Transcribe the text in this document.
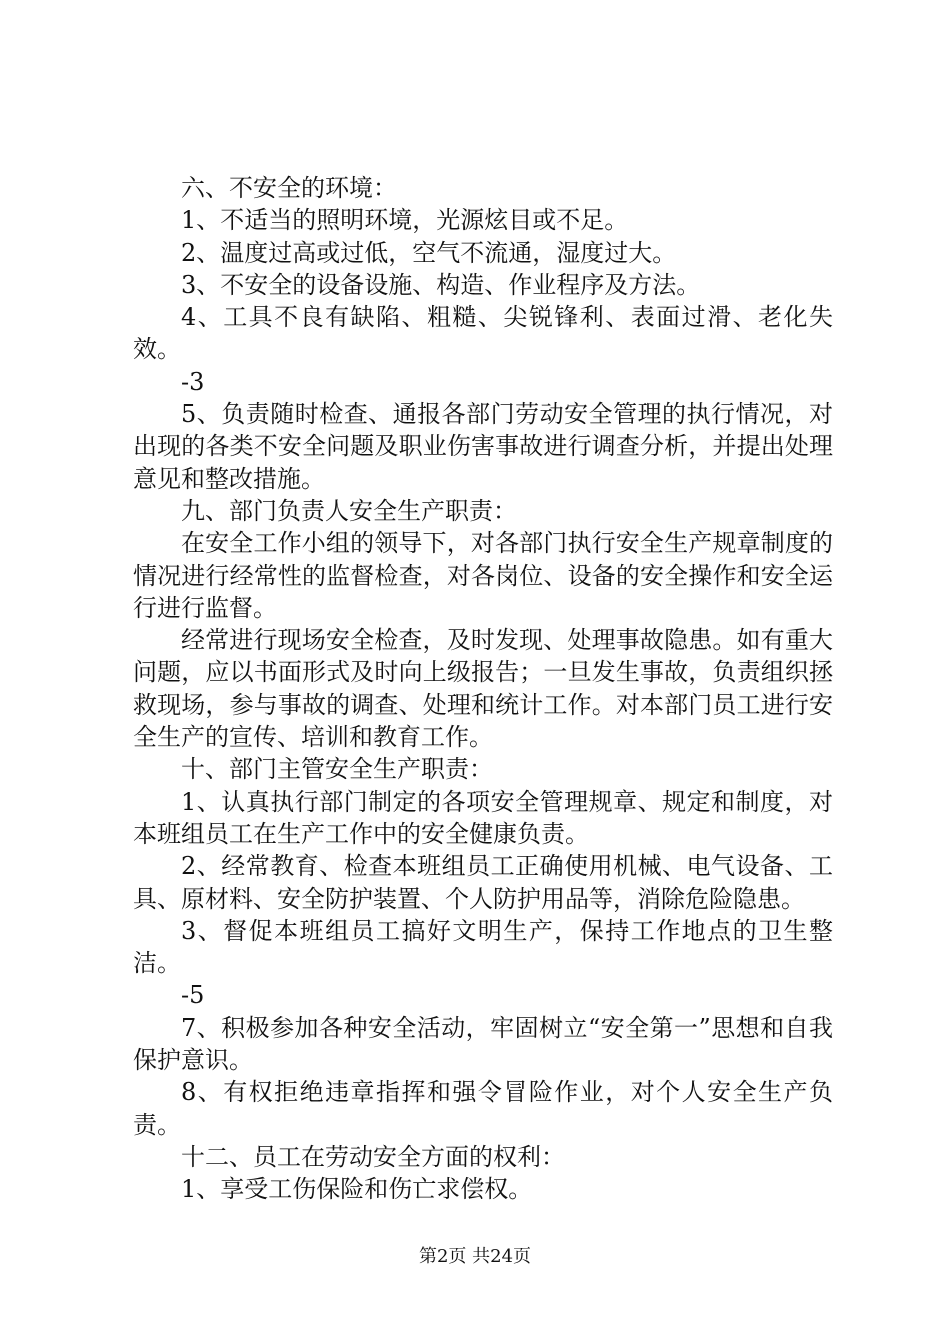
六、不安全的环境：

1、不适当的照明环境，光源炫目或不足。

2、温度过高或过低，空气不流通，湿度过大。

3、不安全的设备设施、构造、作业程序及方法。

4、工具不良有缺陷、粗糙、尖锐锋利、表面过滑、老化失效。

-3

5、负责随时检查、通报各部门劳动安全管理的执行情况，对出现的各类不安全问题及职业伤害事故进行调查分析，并提出处理意见和整改措施。

九、部门负责人安全生产职责：

在安全工作小组的领导下，对各部门执行安全生产规章制度的情况进行经常性的监督检查，对各岗位、设备的安全操作和安全运行进行监督。

经常进行现场安全检查，及时发现、处理事故隐患。如有重大问题，应以书面形式及时向上级报告；一旦发生事故，负责组织拯救现场，参与事故的调查、处理和统计工作。对本部门员工进行安全生产的宣传、培训和教育工作。

十、部门主管安全生产职责：

1、认真执行部门制定的各项安全管理规章、规定和制度，对本班组员工在生产工作中的安全健康负责。

2、经常教育、检查本班组员工正确使用机械、电气设备、工具、原材料、安全防护装置、个人防护用品等，消除危险隐患。

3、督促本班组员工搞好文明生产，保持工作地点的卫生整洁。

-5

7、积极参加各种安全活动，牢固树立“安全第一”思想和自我保护意识。

8、有权拒绝违章指挥和强令冒险作业，对个人安全生产负责。

十二、员工在劳动安全方面的权利：

1、享受工伤保险和伤亡求偿权。

第2页 共24页
